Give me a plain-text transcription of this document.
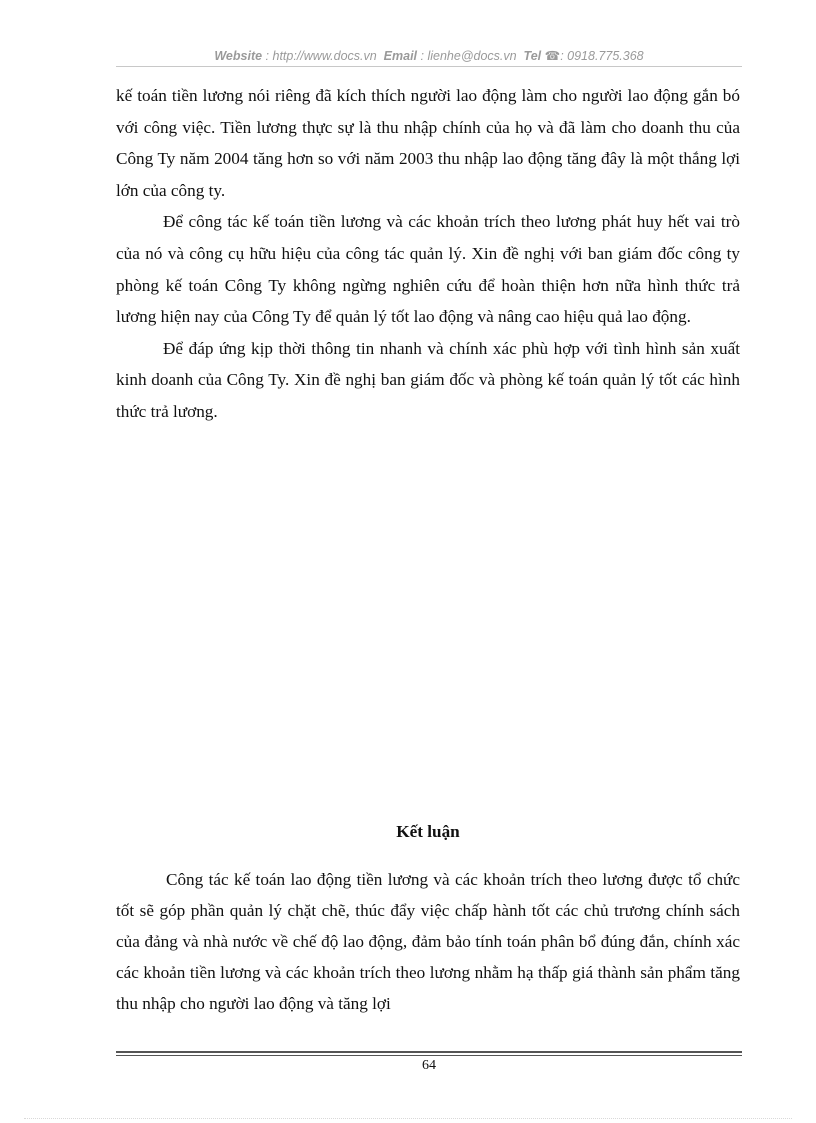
Website : http://www.docs.vn Email : lienhe@docs.vn Tel ☎: 0918.775.368

kế toán tiền lương nói riêng đã kích thích người lao động làm cho người lao động gắn bó với công việc. Tiền lương thực sự là thu nhập chính của họ và đã làm cho doanh thu của Công Ty năm 2004 tăng hơn so với năm 2003 thu nhập lao động tăng đây là một thắng lợi lớn của công ty.

Để công tác kế toán tiền lương và các khoản trích theo lương phát huy hết vai trò của nó và công cụ hữu hiệu của công tác quản lý. Xin đề nghị với ban giám đốc công ty phòng kế toán Công Ty không ngừng nghiên cứu để hoàn thiện hơn nữa hình thức trả lương hiện nay của Công Ty để quản lý tốt lao động và nâng cao hiệu quả lao động.

Để đáp ứng kịp thời thông tin nhanh và chính xác phù hợp với tình hình sản xuất kinh doanh của Công Ty. Xin đề nghị ban giám đốc và phòng kế toán quản lý tốt các hình thức trả lương.

Kết luận

Công tác kế toán lao động tiền lương và các khoản trích theo lương được tổ chức tốt sẽ góp phần quản lý chặt chẽ, thúc đẩy việc chấp hành tốt các chủ trương chính sách của đảng và nhà nước về chế độ lao động, đảm bảo tính toán phân bổ đúng đắn, chính xác các khoản tiền lương và các khoản trích theo lương nhằm hạ thấp giá thành sản phẩm tăng thu nhập cho người lao động và tăng lợi

64
